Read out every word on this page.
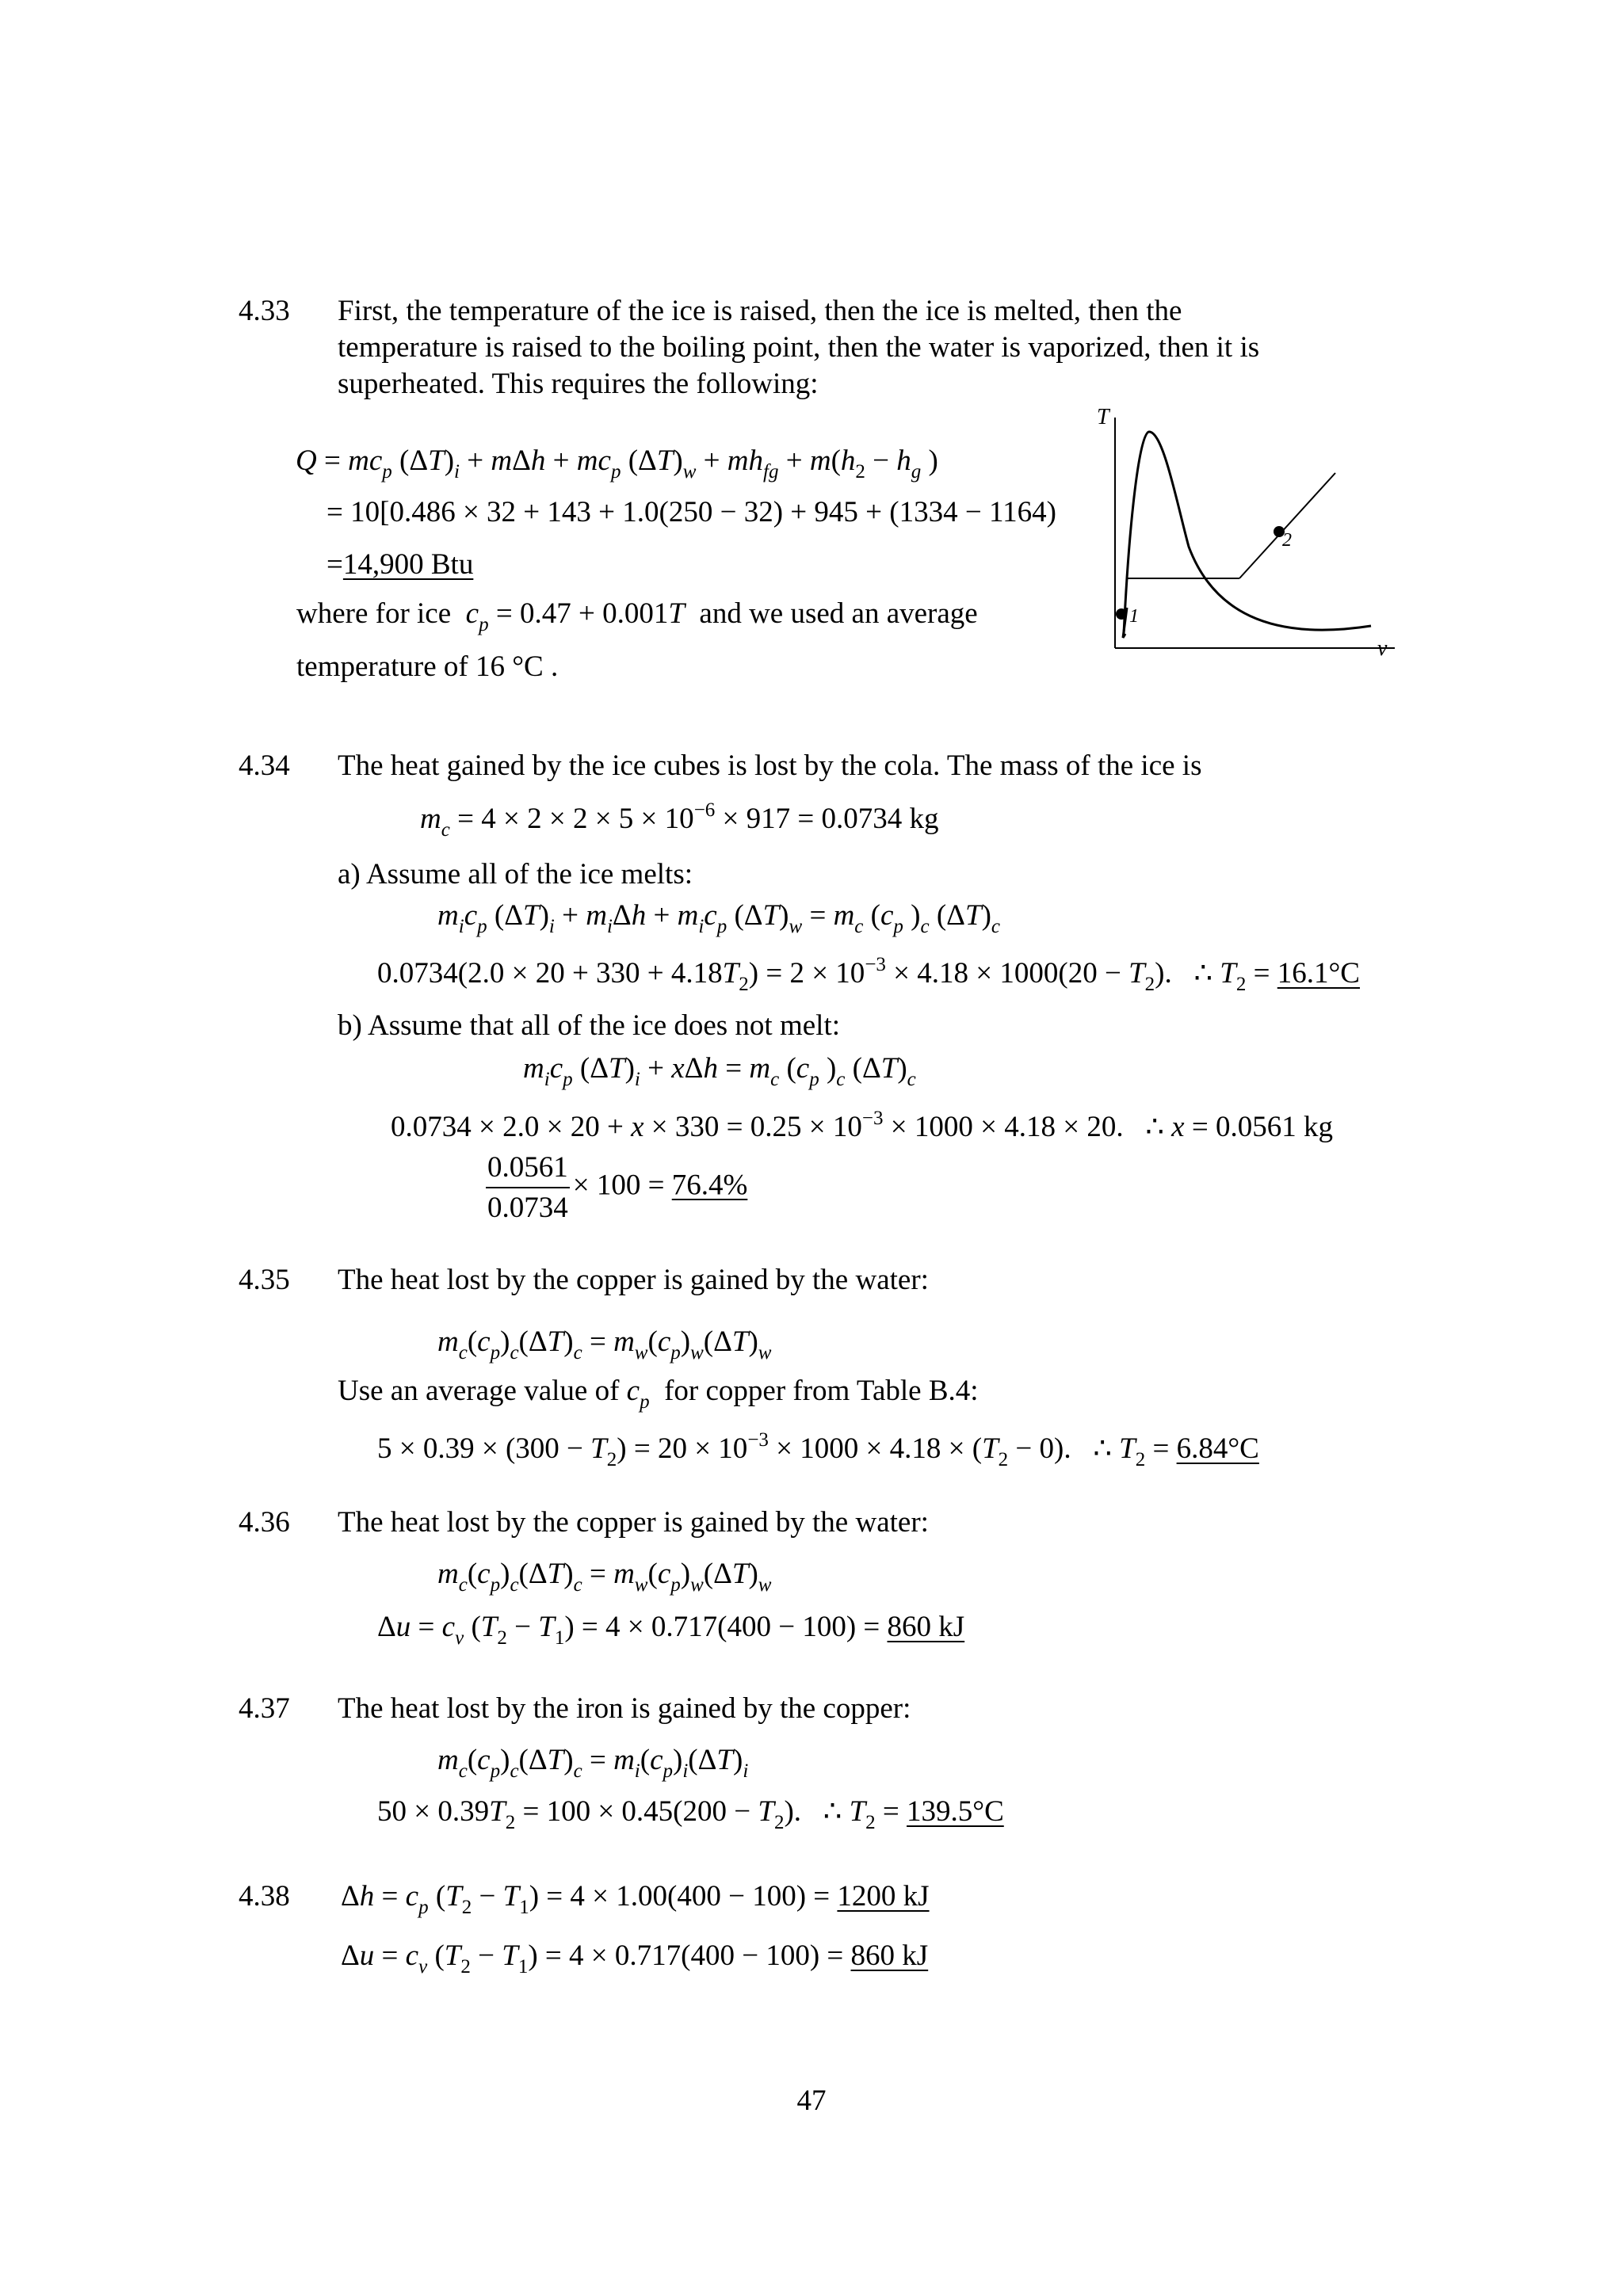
4.33 First, the temperature of the ice is raised, then the ice is melted, then the
temperature is raised to the boiling point, then the water is vaporized, then it is
superheated. This requires the following:
$Q = mc_p$ $(\Delta T)_i + m\Delta h + mc_p$ $(\Delta T)_w + mh_{fg} + m(h_2 - h_g$ )
= 10[0.486 × 32 + 143 + 1.0(250 − 32) + 945 + (1334 − 1164)
=14,900 Btu
where for ice $c_p = 0.47 + 0.001T$ and we used an average
temperature of 16 °C .
T
v
1
2
4.34 The heat gained by the ice cubes is lost by the cola. The mass of the ice is
$m_c = 4 \times 2 \times 2 \times 5 \times 10^{-6} \times 917 = 0.0734$ kg
a) Assume all of the ice melts:
$m_ic_p$ $(\Delta T)_i + m_i\Delta h + m_ic_p$ $(\Delta T)_w = m_c$ ($c_p$ )$_c$ $(\Delta T)_c$
$0.0734(2.0 \times 20 + 330 + 4.18T_2) = 2 \times 10^{-3} \times 4.18 \times 1000(20 - T_2)$.   ∴ $T_2 = 16.1^\circ C$
b) Assume that all of the ice does not melt:
$m_ic_p$ $(\Delta T)_i + x\Delta h = m_c$ ($c_p$ )$_c$ $(\Delta T)_c$
$0.0734 \times 2.0 \times 20 + x \times 330 = 0.25 \times 10^{-3} \times 1000 \times 4.18 \times 20$.   ∴ x = 0.0561 kg
$\frac{0.0561}{0.0734} \times 100 = 76.4\%$
4.35 The heat lost by the copper is gained by the water:
$m_c(c_p)_c(\Delta T)_c = m_w(c_p)_w(\Delta T)_w$
Use an average value of $c_p$  for copper from Table B.4:
$5 \times 0.39 \times (300 - T_2) = 20 \times 10^{-3} \times 1000 \times 4.18 \times (T_2 - 0)$.   ∴ $T_2 = 6.84^\circ C$
4.36 The heat lost by the copper is gained by the water:
$m_c(c_p)_c(\Delta T)_c = m_w(c_p)_w(\Delta T)_w$
$\Delta u = c_v$ $(T_2 - T_1) = 4 \times 0.717(400 - 100) = 860$ kJ
4.37 The heat lost by the iron is gained by the copper:
$m_c(c_p)_c(\Delta T)_c = m_i(c_p)_i(\Delta T)_i$
$50 \times 0.39T_2 = 100 \times 0.45(200 - T_2)$.   ∴ $T_2 = 139.5^\circ C$
4.38 $\Delta h = c_p$ $(T_2 - T_1) = 4 \times 1.00(400 - 100) = 1200$ kJ
$\Delta u = c_v$ $(T_2 - T_1) = 4 \times 0.717(400 - 100) = 860$ kJ
47
